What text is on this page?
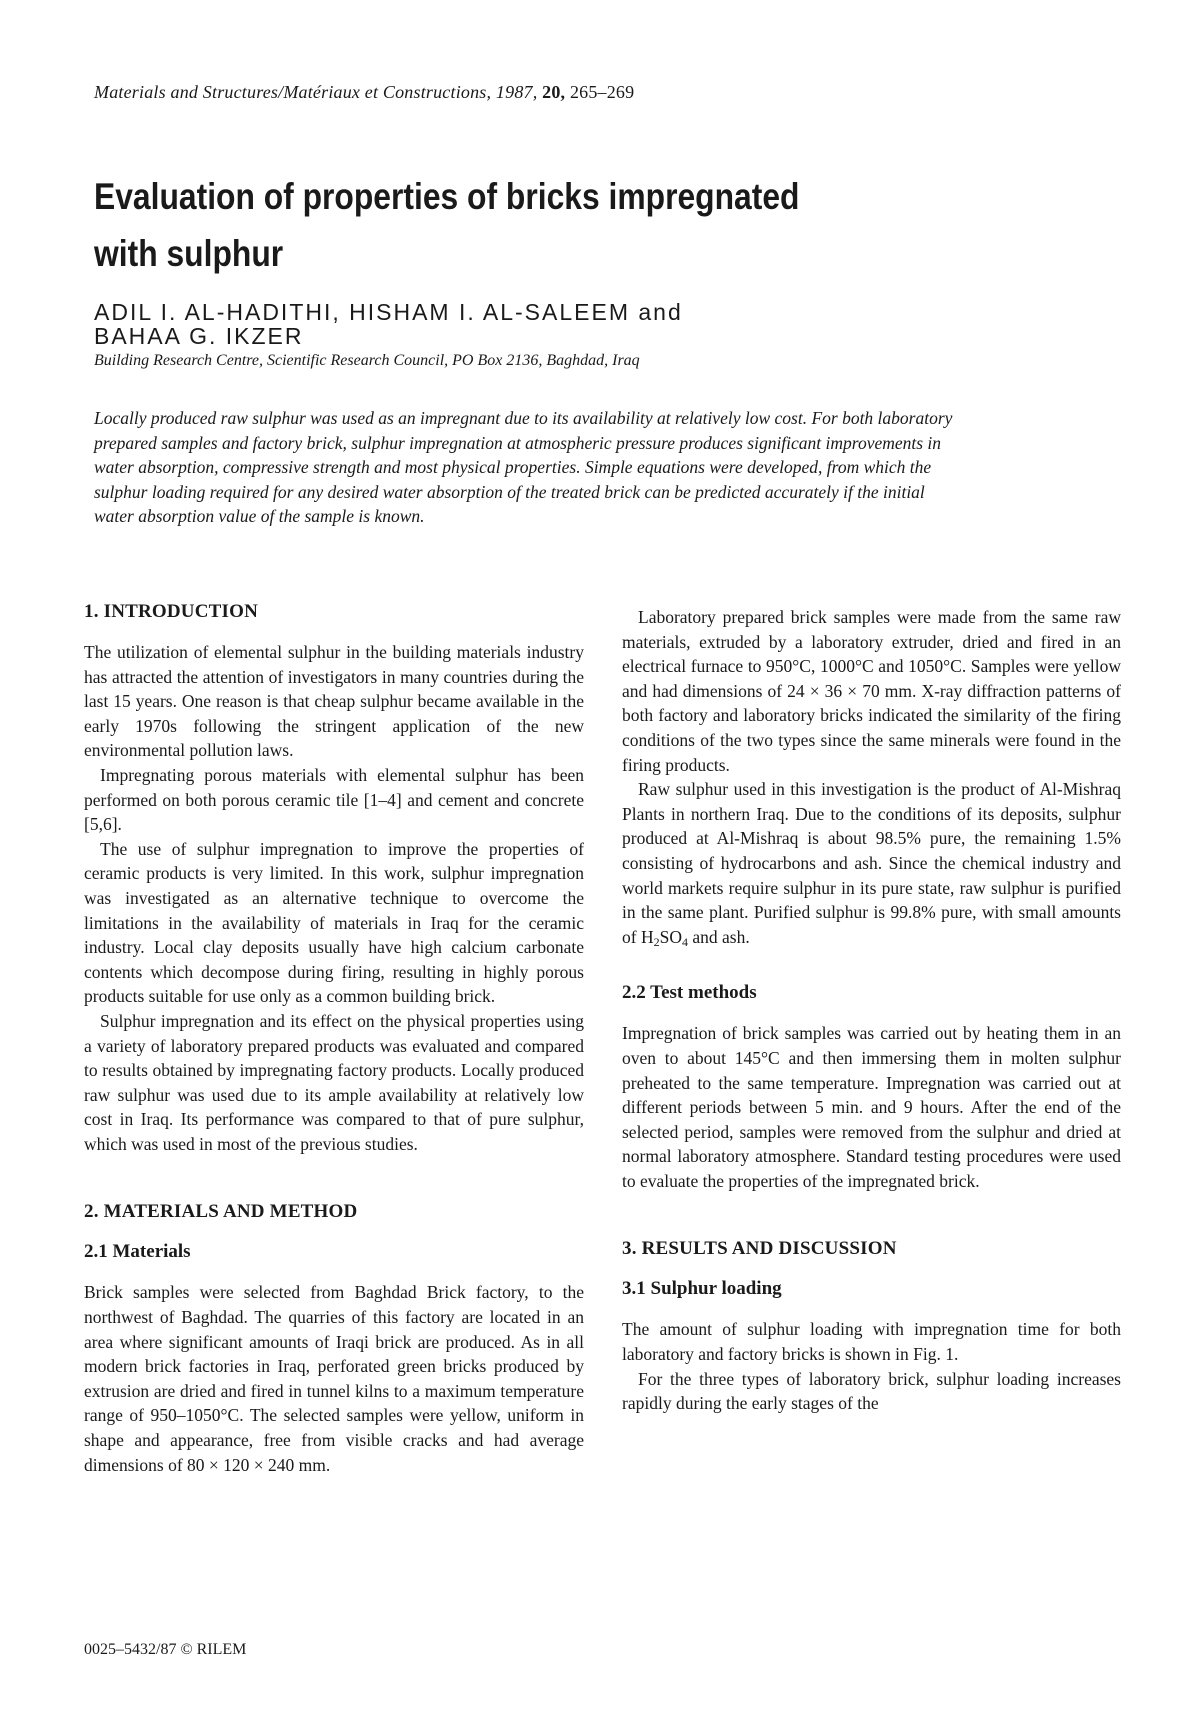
Materials and Structures/Matériaux et Constructions, 1987, 20, 265–269
Evaluation of properties of bricks impregnated with sulphur
ADIL I. AL-HADITHI, HISHAM I. AL-SALEEM and
BAHAA G. IKZER
Building Research Centre, Scientific Research Council, PO Box 2136, Baghdad, Iraq

Locally produced raw sulphur was used as an impregnant due to its availability at relatively low cost. For both laboratory prepared samples and factory brick, sulphur impregnation at atmospheric pressure produces significant improvements in water absorption, compressive strength and most physical properties. Simple equations were developed, from which the sulphur loading required for any desired water absorption of the treated brick can be predicted accurately if the initial water absorption value of the sample is known.

1. INTRODUCTION

The utilization of elemental sulphur in the building materials industry has attracted the attention of investigators in many countries during the last 15 years. One reason is that cheap sulphur became available in the early 1970s following the stringent application of the new environmental pollution laws.

Impregnating porous materials with elemental sulphur has been performed on both porous ceramic tile [1–4] and cement and concrete [5,6].

The use of sulphur impregnation to improve the properties of ceramic products is very limited. In this work, sulphur impregnation was investigated as an alternative technique to overcome the limitations in the availability of materials in Iraq for the ceramic industry. Local clay deposits usually have high calcium carbonate contents which decompose during firing, resulting in highly porous products suitable for use only as a common building brick.

Sulphur impregnation and its effect on the physical properties using a variety of laboratory prepared products was evaluated and compared to results obtained by impregnating factory products. Locally produced raw sulphur was used due to its ample availability at relatively low cost in Iraq. Its performance was compared to that of pure sulphur, which was used in most of the previous studies.

2. MATERIALS AND METHOD
2.1 Materials

Brick samples were selected from Baghdad Brick factory, to the northwest of Baghdad. The quarries of this factory are located in an area where significant amounts of Iraqi brick are produced. As in all modern brick factories in Iraq, perforated green bricks produced by extrusion are dried and fired in tunnel kilns to a maximum temperature range of 950–1050°C. The selected samples were yellow, uniform in shape and appearance, free from visible cracks and had average dimensions of 80 × 120 × 240 mm.

Laboratory prepared brick samples were made from the same raw materials, extruded by a laboratory extruder, dried and fired in an electrical furnace to 950°C, 1000°C and 1050°C. Samples were yellow and had dimensions of 24 × 36 × 70 mm. X-ray diffraction patterns of both factory and laboratory bricks indicated the similarity of the firing conditions of the two types since the same minerals were found in the firing products.

Raw sulphur used in this investigation is the product of Al-Mishraq Plants in northern Iraq. Due to the conditions of its deposits, sulphur produced at Al-Mishraq is about 98.5% pure, the remaining 1.5% consisting of hydrocarbons and ash. Since the chemical industry and world markets require sulphur in its pure state, raw sulphur is purified in the same plant. Purified sulphur is 99.8% pure, with small amounts of $H_2SO_4$ and ash.

2.2 Test methods

Impregnation of brick samples was carried out by heating them in an oven to about 145°C and then immersing them in molten sulphur preheated to the same temperature. Impregnation was carried out at different periods between 5 min. and 9 hours. After the end of the selected period, samples were removed from the sulphur and dried at normal laboratory atmosphere. Standard testing procedures were used to evaluate the properties of the impregnated brick.

3. RESULTS AND DISCUSSION
3.1 Sulphur loading

The amount of sulphur loading with impregnation time for both laboratory and factory bricks is shown in Fig. 1.

For the three types of laboratory brick, sulphur loading increases rapidly during the early stages of the

0025–5432/87 © RILEM
